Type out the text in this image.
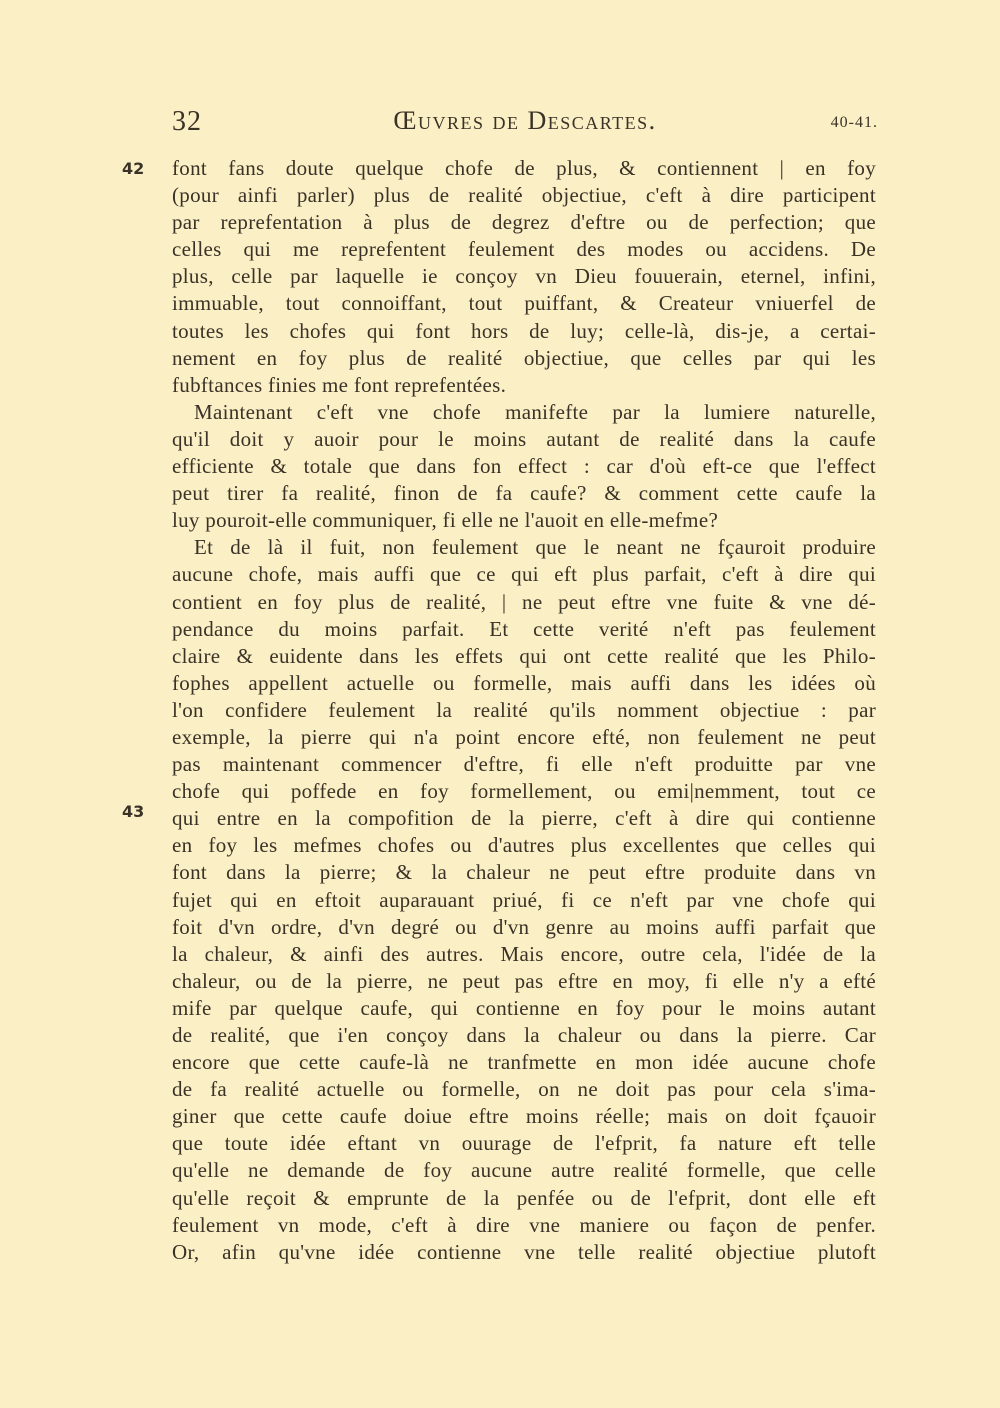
32	Œuvres de Descartes.	40-41.
42
43
font fans doute quelque chofe de plus, & contiennent | en foy
(pour ainfi parler) plus de realité objectiue, c'eft à dire participent
par reprefentation à plus de degrez d'eftre ou de perfection; que
celles qui me reprefentent feulement des modes ou accidens. De
plus, celle par laquelle ie conçoy vn Dieu fouuerain, eternel, infini,
immuable, tout connoiffant, tout puiffant, & Createur vniuerfel de
toutes les chofes qui font hors de luy; celle-là, dis-je, a certai-
nement en foy plus de realité objectiue, que celles par qui les
fubftances finies me font reprefentées.
Maintenant c'eft vne chofe manifefte par la lumiere naturelle,
qu'il doit y auoir pour le moins autant de realité dans la caufe
efficiente & totale que dans fon effect : car d'où eft-ce que l'effect
peut tirer fa realité, finon de fa caufe? & comment cette caufe la
luy pouroit-elle communiquer, fi elle ne l'auoit en elle-mefme?
Et de là il fuit, non feulement que le neant ne fçauroit produire
aucune chofe, mais auffi que ce qui eft plus parfait, c'eft à dire qui
contient en foy plus de realité, | ne peut eftre vne fuite & vne dé-
pendance du moins parfait. Et cette verité n'eft pas feulement
claire & euidente dans les effets qui ont cette realité que les Philo-
fophes appellent actuelle ou formelle, mais auffi dans les idées où
l'on confidere feulement la realité qu'ils nomment objectiue : par
exemple, la pierre qui n'a point encore efté, non feulement ne peut
pas maintenant commencer d'eftre, fi elle n'eft produitte par vne
chofe qui poffede en foy formellement, ou emi|nemment, tout ce
qui entre en la compofition de la pierre, c'eft à dire qui contienne
en foy les mefmes chofes ou d'autres plus excellentes que celles qui
font dans la pierre; & la chaleur ne peut eftre produite dans vn
fujet qui en eftoit auparauant priué, fi ce n'eft par vne chofe qui
foit d'vn ordre, d'vn degré ou d'vn genre au moins auffi parfait que
la chaleur, & ainfi des autres. Mais encore, outre cela, l'idée de la
chaleur, ou de la pierre, ne peut pas eftre en moy, fi elle n'y a efté
mife par quelque caufe, qui contienne en foy pour le moins autant
de realité, que i'en conçoy dans la chaleur ou dans la pierre. Car
encore que cette caufe-là ne tranfmette en mon idée aucune chofe
de fa realité actuelle ou formelle, on ne doit pas pour cela s'ima-
giner que cette caufe doiue eftre moins réelle; mais on doit fçauoir
que toute idée eftant vn ouurage de l'efprit, fa nature eft telle
qu'elle ne demande de foy aucune autre realité formelle, que celle
qu'elle reçoit & emprunte de la penfée ou de l'efprit, dont elle eft
feulement vn mode, c'eft à dire vne maniere ou façon de penfer.
Or, afin qu'vne idée contienne vne telle realité objectiue plutoft
